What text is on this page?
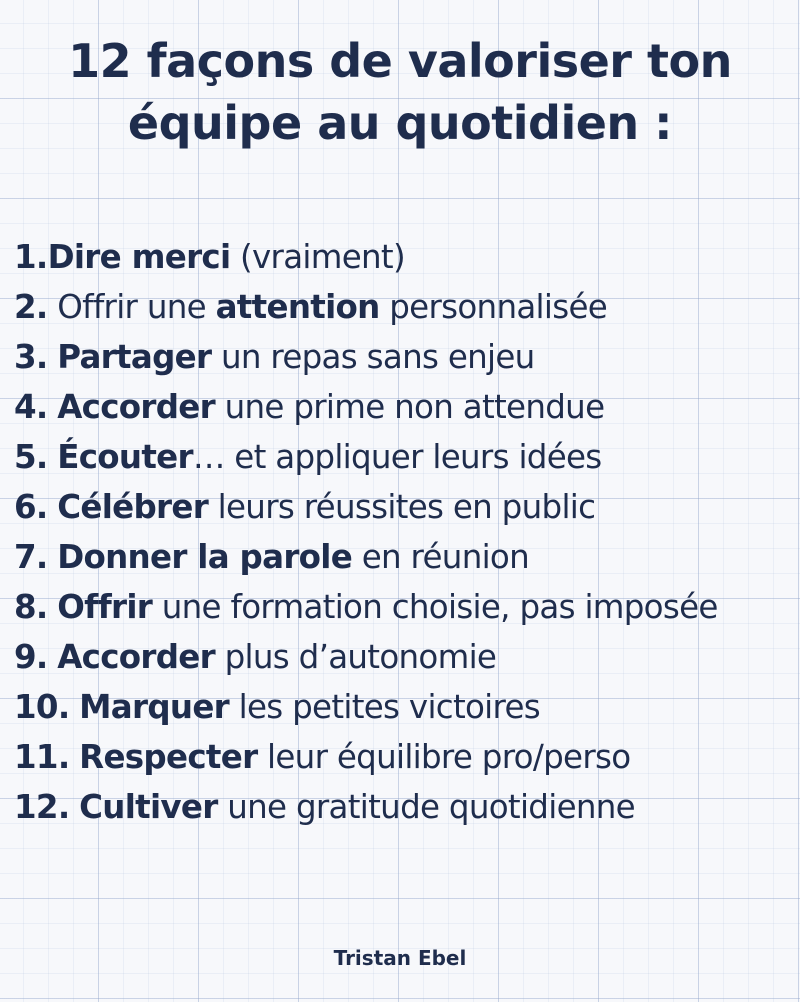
12 façons de valoriser ton
équipe au quotidien :
1.Dire merci (vraiment)
2. Offrir une attention personnalisée
3. Partager un repas sans enjeu
4. Accorder une prime non attendue
5. Écouter… et appliquer leurs idées
6. Célébrer leurs réussites en public
7. Donner la parole en réunion
8. Offrir une formation choisie, pas imposée
9. Accorder plus d’autonomie
10. Marquer les petites victoires
11. Respecter leur équilibre pro/perso
12. Cultiver une gratitude quotidienne
Tristan Ebel
